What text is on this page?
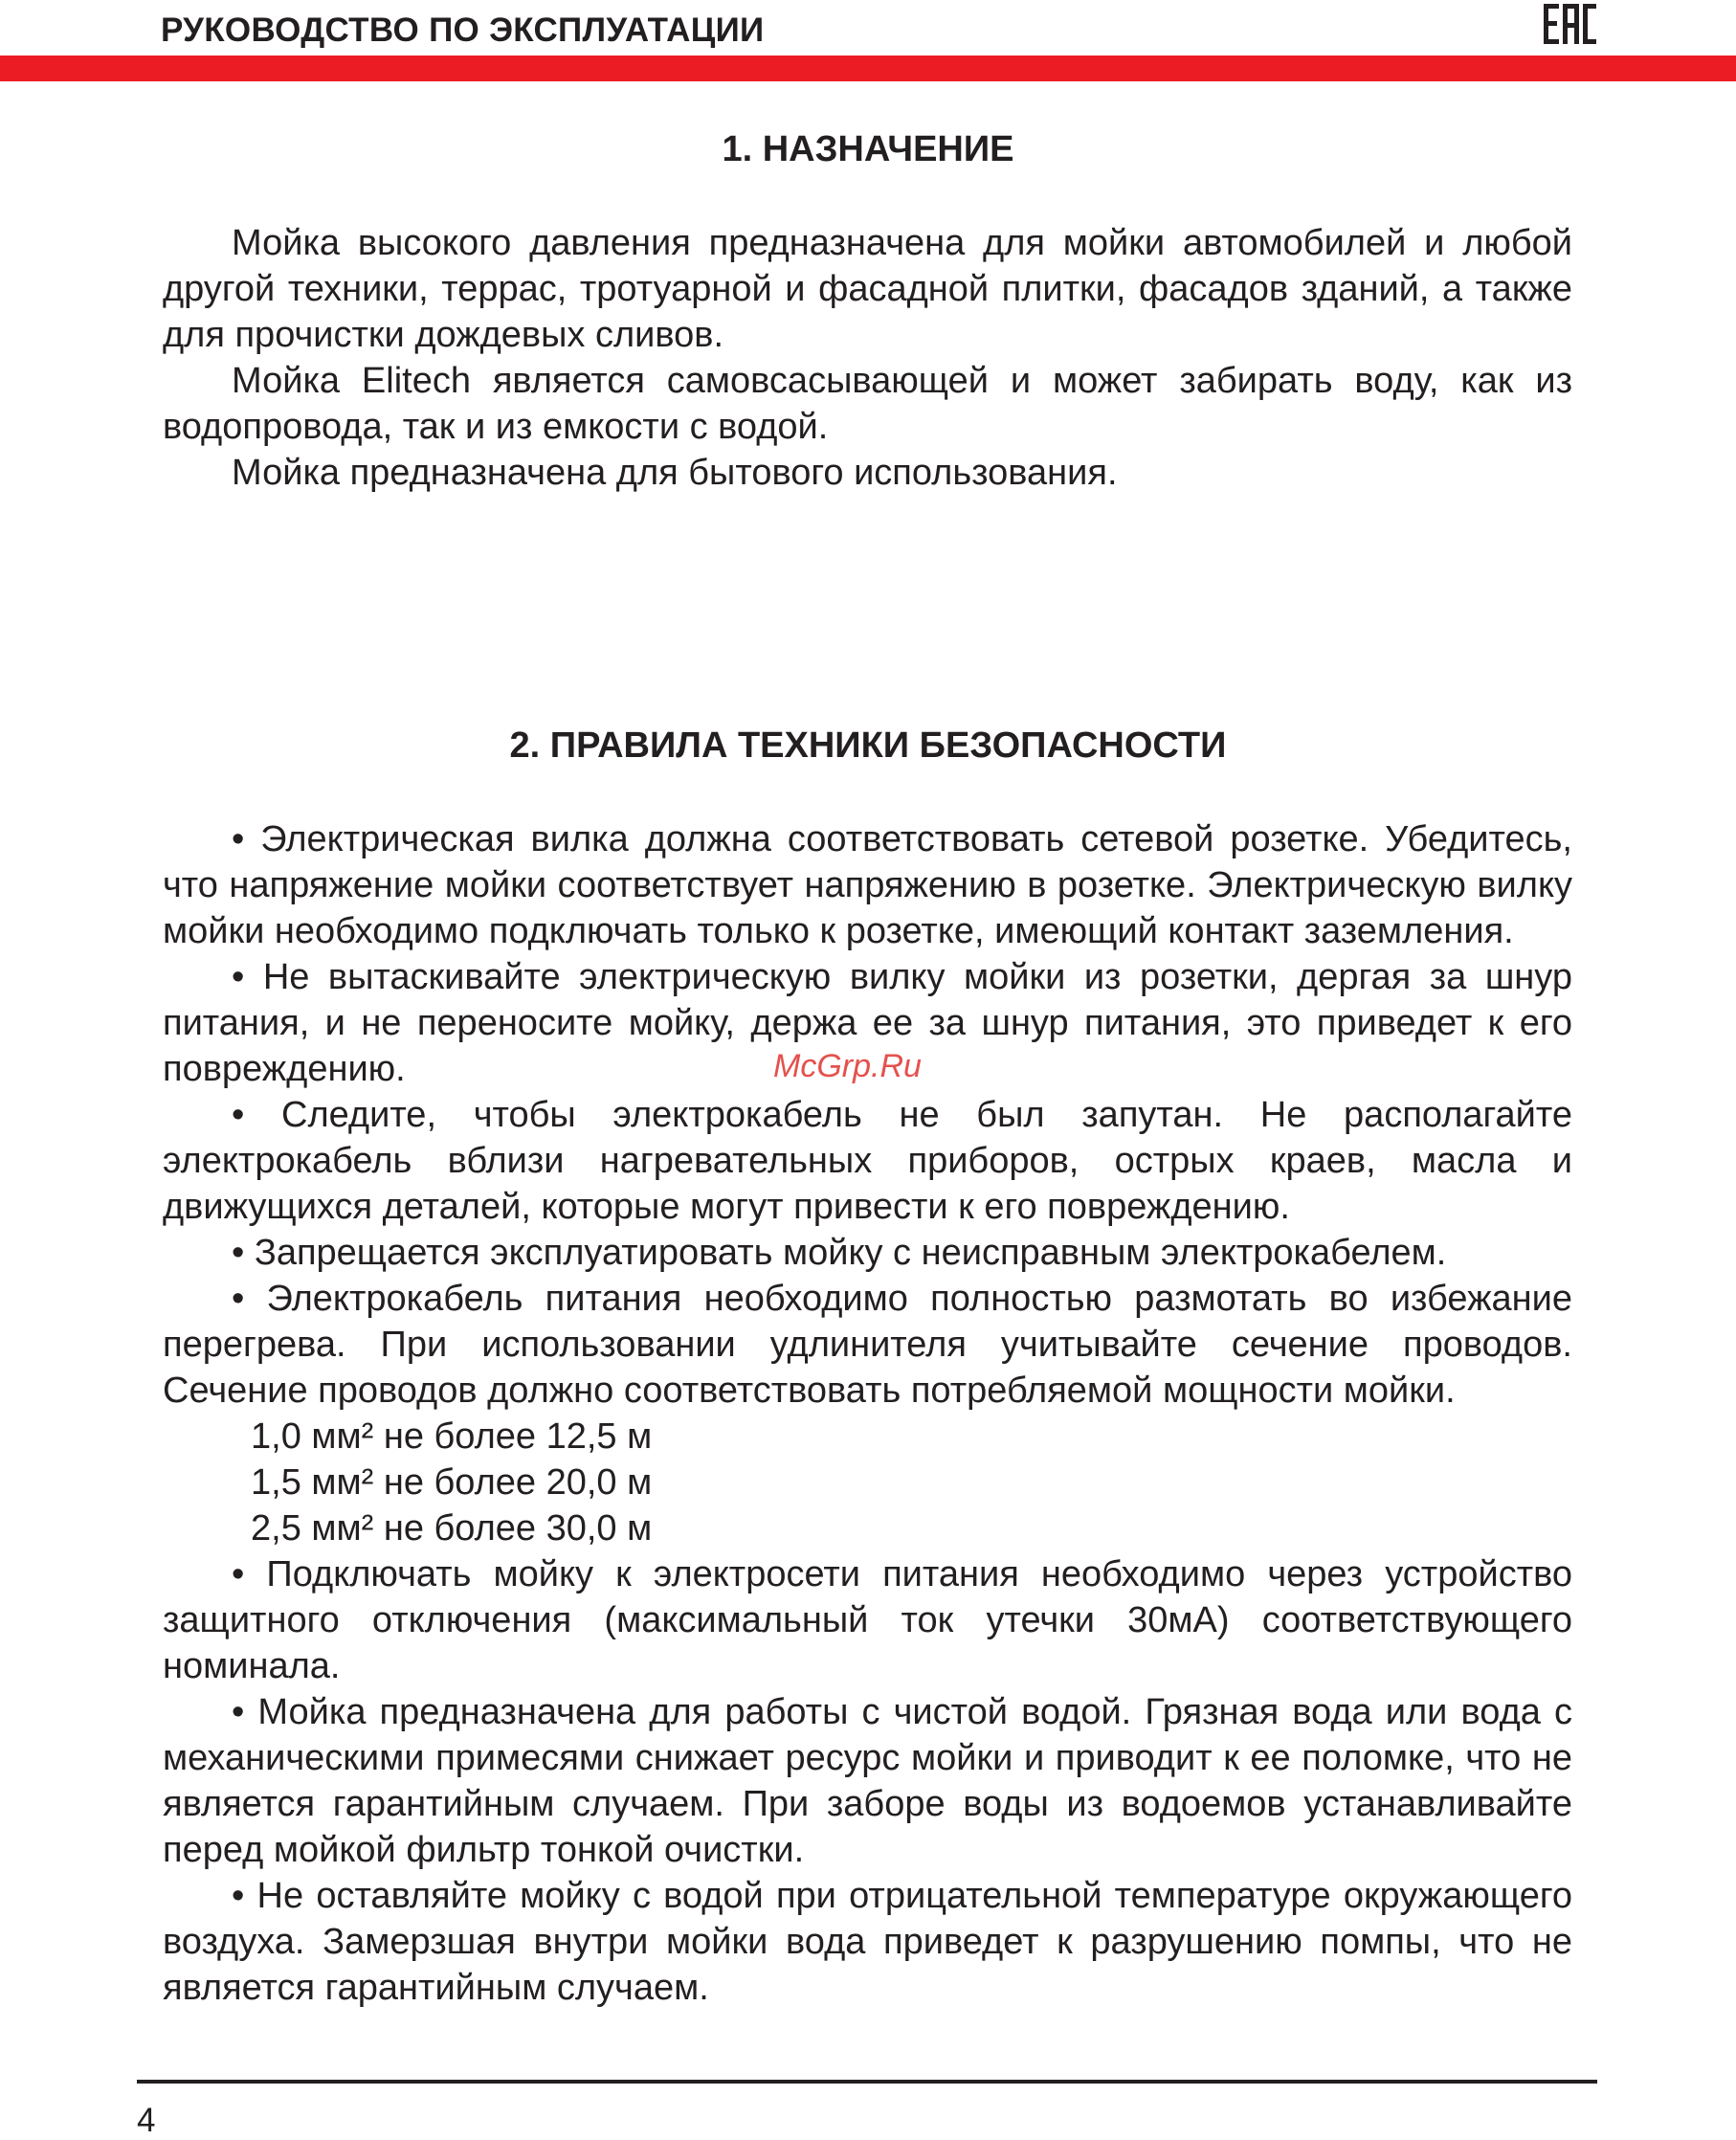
РУКОВОДСТВО ПО ЭКСПЛУАТАЦИИ
1. НАЗНАЧЕНИЕ

Мойка высокого давления предназначена для мойки автомобилей и любой другой техники, террас, тротуарной и фасадной плитки, фасадов зданий, а также для прочистки дождевых сливов.

Мойка Elitech является самовсасывающей и может забирать воду, как из водопровода, так и из емкости с водой.

Мойка предназначена для бытового использования.

2. ПРАВИЛА ТЕХНИКИ БЕЗОПАСНОСТИ

• Электрическая вилка должна соответствовать сетевой розетке. Убедитесь, что напряжение мойки соответствует напряжению в розетке. Электрическую вилку мойки необходимо подключать только к розетке, имеющий контакт заземления.

• Не вытаскивайте электрическую вилку мойки из розетки, дергая за шнур питания, и не переносите мойку, держа ее за шнур питания, это приведет к его повреждению.

• Следите, чтобы электрокабель не был запутан. Не располагайте электрокабель вблизи нагревательных приборов, острых краев, масла и движущихся деталей, которые могут привести к его повреждению.

• Запрещается эксплуатировать мойку с неисправным электрокабелем.

• Электрокабель питания необходимо полностью размотать во избежание перегрева. При использовании удлинителя учитывайте сечение проводов. Сечение проводов должно соответствовать потребляемой мощности мойки.

1,0 мм² не более 12,5 м

1,5 мм² не более 20,0 м

2,5 мм² не более 30,0 м

• Подключать мойку к электросети питания необходимо через устройство защитного отключения (максимальный ток утечки 30мА) соответствующего номинала.

• Мойка предназначена для работы с чистой водой. Грязная вода или вода с механическими примесями снижает ресурс мойки и приводит к ее поломке, что не является гарантийным случаем. При заборе воды из водоемов устанавливайте перед мойкой фильтр тонкой очистки.

• Не оставляйте мойку с водой при отрицательной температуре окружающего воздуха. Замерзшая внутри мойки вода приведет к разрушению помпы, что не является гарантийным случаем.

McGrp.Ru
4
